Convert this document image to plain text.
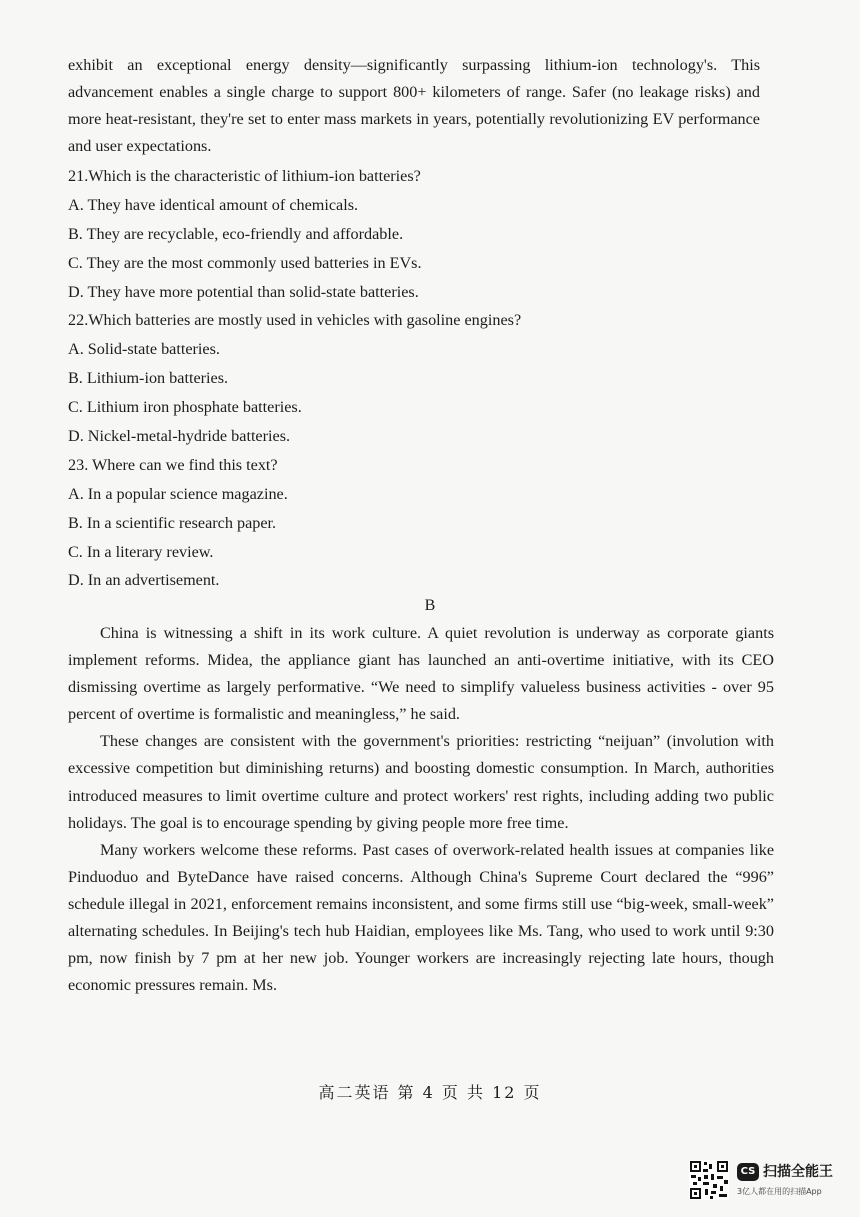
exhibit an exceptional energy density—significantly surpassing lithium-ion technology's. This advancement enables a single charge to support 800+ kilometers of range. Safer (no leakage risks) and more heat-resistant, they're set to enter mass markets in years, potentially revolutionizing EV performance and user expectations.

21.Which is the characteristic of lithium-ion batteries?
A. They have identical amount of chemicals.
B. They are recyclable, eco-friendly and affordable.
C. They are the most commonly used batteries in EVs.
D. They have more potential than solid-state batteries.
22.Which batteries are mostly used in vehicles with gasoline engines?
A. Solid-state batteries.
B. Lithium-ion batteries.
C. Lithium iron phosphate batteries.
D. Nickel-metal-hydride batteries.
23. Where can we find this text?
A. In a popular science magazine.
B. In a scientific research paper.
C. In a literary review.
D. In an advertisement.
B

China is witnessing a shift in its work culture. A quiet revolution is underway as corporate giants implement reforms. Midea, the appliance giant has launched an anti-overtime initiative, with its CEO dismissing overtime as largely performative. “We need to simplify valueless business activities - over 95 percent of overtime is formalistic and meaningless,” he said.

These changes are consistent with the government's priorities: restricting “neijuan” (involution with excessive competition but diminishing returns) and boosting domestic consumption. In March, authorities introduced measures to limit overtime culture and protect workers' rest rights, including adding two public holidays. The goal is to encourage spending by giving people more free time.

Many workers welcome these reforms. Past cases of overwork-related health issues at companies like Pinduoduo and ByteDance have raised concerns. Although China's Supreme Court declared the “996” schedule illegal in 2021, enforcement remains inconsistent, and some firms still use “big-week, small-week” alternating schedules. In Beijing's tech hub Haidian, employees like Ms. Tang, who used to work until 9:30 pm, now finish by 7 pm at her new job. Younger workers are increasingly rejecting late hours, though economic pressures remain. Ms.

高二英语 第 4 页 共 12 页
CS 扫描全能王
3亿人都在用的扫描App
